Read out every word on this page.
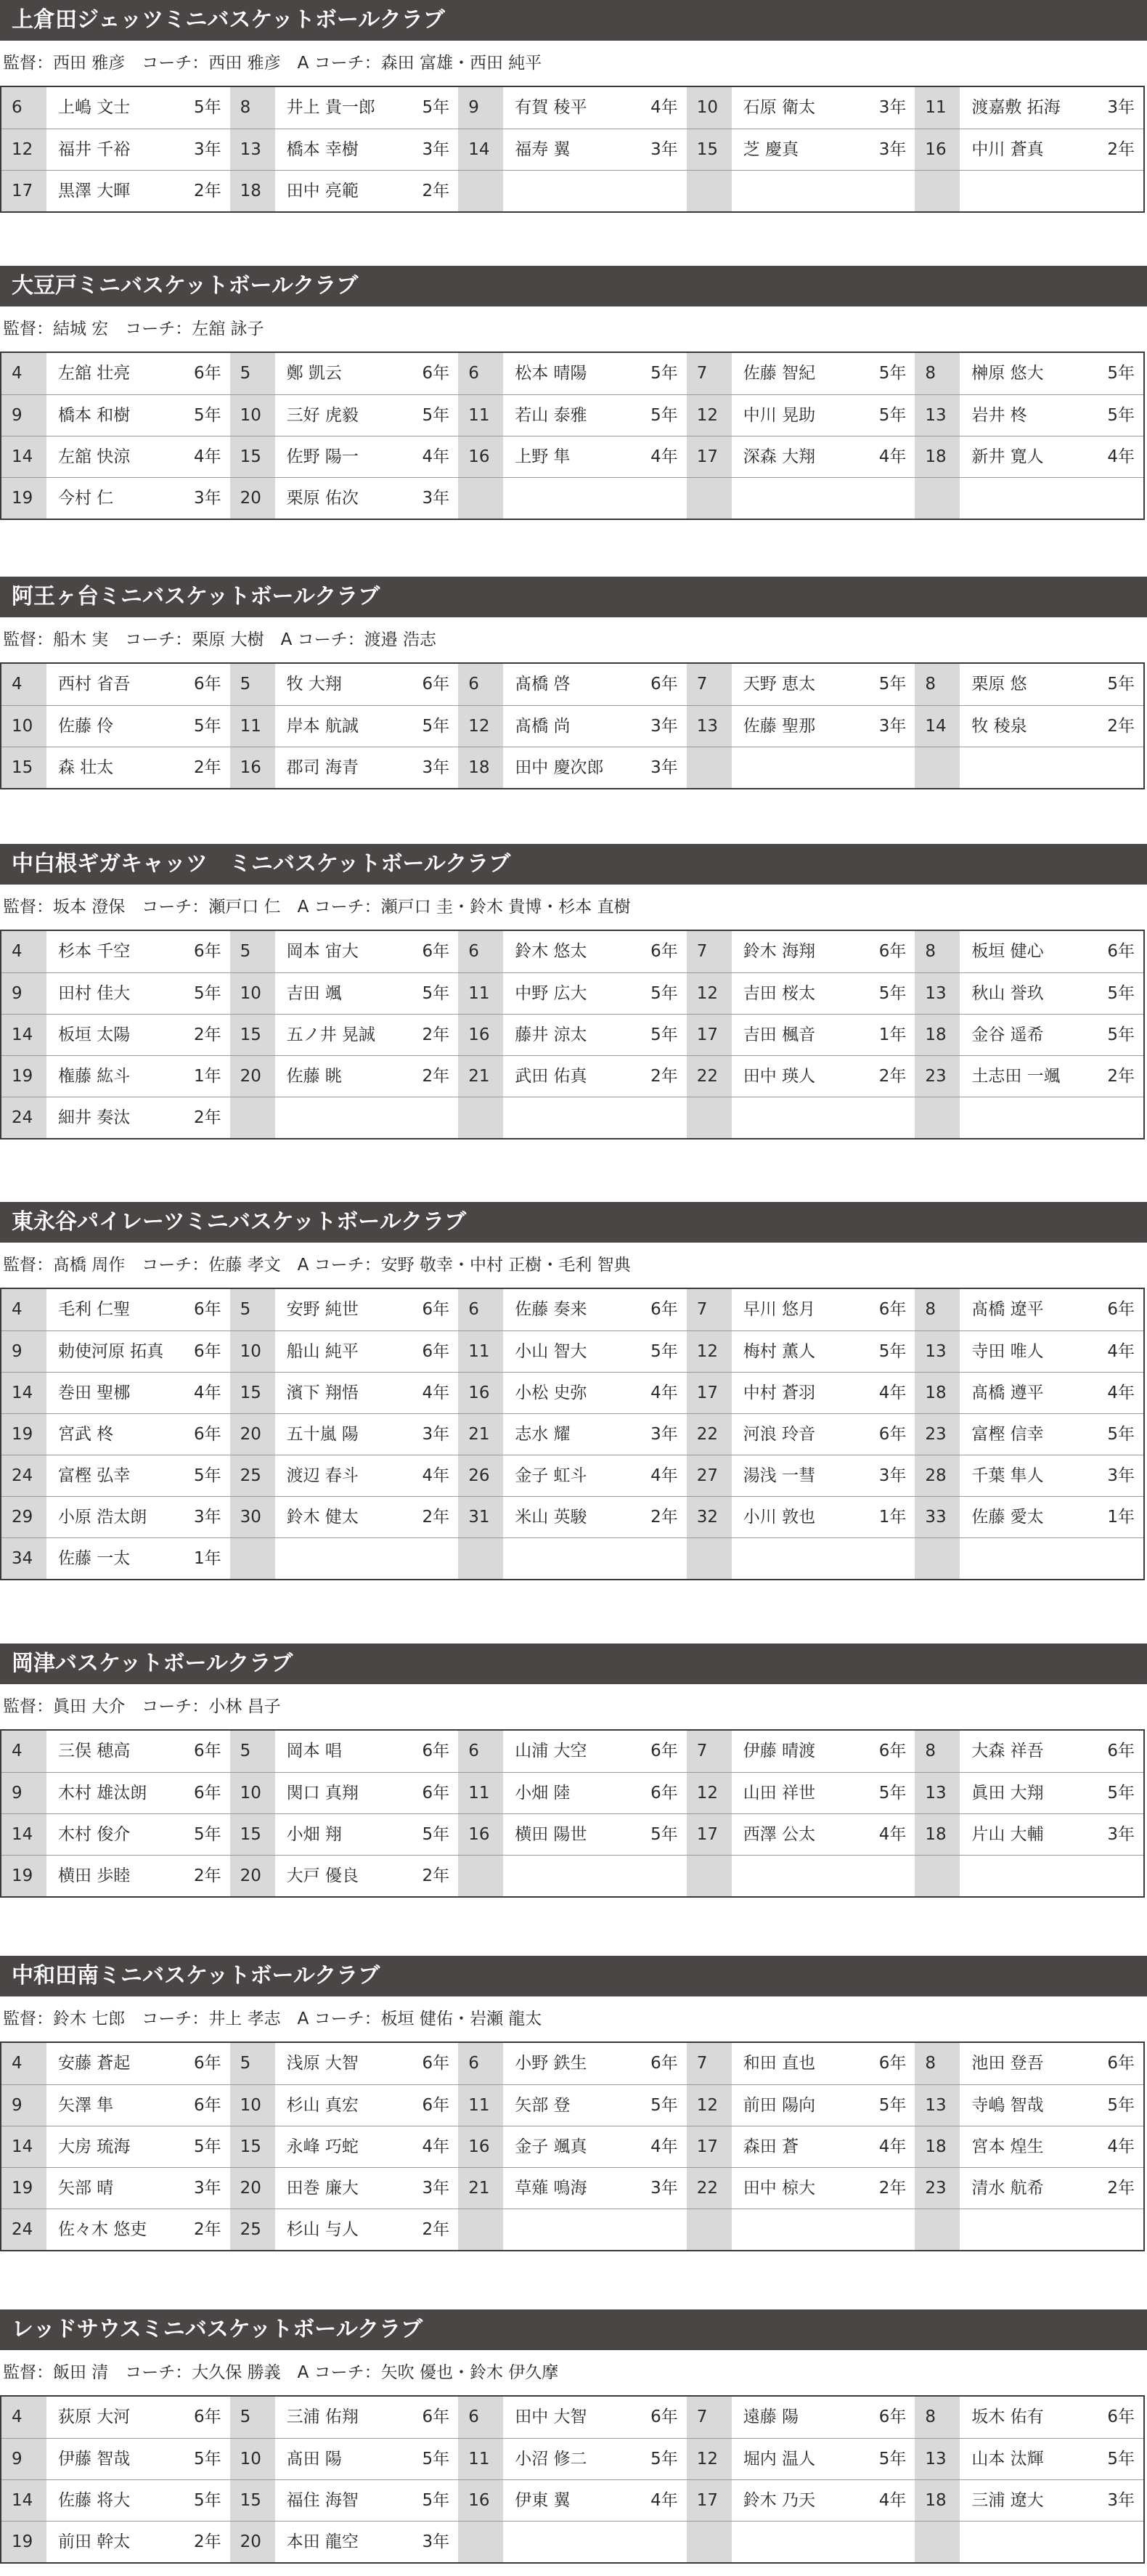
上倉田ジェッツミニバスケットボールクラブ
監督：西田 雅彦　コーチ：西田 雅彦　A コーチ：森田 富雄・西田 純平
6	上嶋 文士	5年	8	井上 貴一郎	5年	9	有賀 稜平	4年	10	石原 衛太	3年	11	渡嘉敷 拓海	3年
12	福井 千裕	3年	13	橋本 幸樹	3年	14	福寿 翼	3年	15	芝 慶真	3年	16	中川 蒼真	2年
17	黒澤 大暉	2年	18	田中 亮範	2年
大豆戸ミニバスケットボールクラブ
監督：結城 宏　コーチ：左舘 詠子
4	左舘 壮亮	6年	5	鄭 凱云	6年	6	松本 晴陽	5年	7	佐藤 智紀	5年	8	榊原 悠大	5年
9	橋本 和樹	5年	10	三好 虎毅	5年	11	若山 泰雅	5年	12	中川 晃助	5年	13	岩井 柊	5年
14	左舘 快涼	4年	15	佐野 陽一	4年	16	上野 隼	4年	17	深森 大翔	4年	18	新井 寛人	4年
19	今村 仁	3年	20	栗原 佑次	3年
阿王ヶ台ミニバスケットボールクラブ
監督：船木 実　コーチ：栗原 大樹　A コーチ：渡邉 浩志
4	西村 省吾	6年	5	牧 大翔	6年	6	髙橋 啓	6年	7	天野 恵太	5年	8	栗原 悠	5年
10	佐藤 伶	5年	11	岸本 航誠	5年	12	髙橋 尚	3年	13	佐藤 聖那	3年	14	牧 稜泉	2年
15	森 壮太	2年	16	郡司 海青	3年	18	田中 慶次郎	3年
中白根ギガキャッツ　ミニバスケットボールクラブ
監督：坂本 澄保　コーチ：瀬戸口 仁　A コーチ：瀬戸口 圭・鈴木 貴博・杉本 直樹
4	杉本 千空	6年	5	岡本 宙大	6年	6	鈴木 悠太	6年	7	鈴木 海翔	6年	8	板垣 健心	6年
9	田村 佳大	5年	10	吉田 颯	5年	11	中野 広大	5年	12	吉田 桜太	5年	13	秋山 誉玖	5年
14	板垣 太陽	2年	15	五ノ井 晃誠	2年	16	藤井 涼太	5年	17	吉田 楓音	1年	18	金谷 遥希	5年
19	権藤 紘斗	1年	20	佐藤 眺	2年	21	武田 佑真	2年	22	田中 瑛人	2年	23	土志田 一颯	2年
24	細井 奏汰	2年
東永谷パイレーツミニバスケットボールクラブ
監督：髙橋 周作　コーチ：佐藤 孝文　A コーチ：安野 敬幸・中村 正樹・毛利 智典
4	毛利 仁聖	6年	5	安野 純世	6年	6	佐藤 奏来	6年	7	早川 悠月	6年	8	髙橋 遼平	6年
9	勅使河原 拓真	6年	10	船山 純平	6年	11	小山 智大	5年	12	梅村 薫人	5年	13	寺田 唯人	4年
14	巻田 聖梛	4年	15	濱下 翔悟	4年	16	小松 史弥	4年	17	中村 蒼羽	4年	18	髙橋 遵平	4年
19	宮武 柊	6年	20	五十嵐 陽	3年	21	志水 耀	3年	22	河浪 玲音	6年	23	富樫 信幸	5年
24	富樫 弘幸	5年	25	渡辺 春斗	4年	26	金子 虹斗	4年	27	湯浅 一彗	3年	28	千葉 隼人	3年
29	小原 浩太朗	3年	30	鈴木 健太	2年	31	米山 英駿	2年	32	小川 敦也	1年	33	佐藤 愛太	1年
34	佐藤 一太	1年
岡津バスケットボールクラブ
監督：眞田 大介　コーチ：小林 昌子
4	三俣 穂高	6年	5	岡本 唱	6年	6	山浦 大空	6年	7	伊藤 晴渡	6年	8	大森 祥吾	6年
9	木村 雄汰朗	6年	10	関口 真翔	6年	11	小畑 陸	6年	12	山田 祥世	5年	13	眞田 大翔	5年
14	木村 俊介	5年	15	小畑 翔	5年	16	横田 陽世	5年	17	西澤 公太	4年	18	片山 大輔	3年
19	横田 歩睦	2年	20	大戸 優良	2年
中和田南ミニバスケットボールクラブ
監督：鈴木 七郎　コーチ：井上 孝志　A コーチ：板垣 健佑・岩瀬 龍太
4	安藤 蒼起	6年	5	浅原 大智	6年	6	小野 鉄生	6年	7	和田 直也	6年	8	池田 登吾	6年
9	矢澤 隼	6年	10	杉山 真宏	6年	11	矢部 登	5年	12	前田 陽向	5年	13	寺嶋 智哉	5年
14	大房 琉海	5年	15	永峰 巧蛇	4年	16	金子 颯真	4年	17	森田 蒼	4年	18	宮本 煌生	4年
19	矢部 晴	3年	20	田巻 廉大	3年	21	草薙 鳴海	3年	22	田中 椋大	2年	23	清水 航希	2年
24	佐々木 悠吏	2年	25	杉山 与人	2年
レッドサウスミニバスケットボールクラブ
監督：飯田 清　コーチ：大久保 勝義　A コーチ：矢吹 優也・鈴木 伊久摩
4	荻原 大河	6年	5	三浦 佑翔	6年	6	田中 大智	6年	7	遠藤 陽	6年	8	坂木 佑有	6年
9	伊藤 智哉	5年	10	髙田 陽	5年	11	小沼 修二	5年	12	堀内 温人	5年	13	山本 汰輝	5年
14	佐藤 将大	5年	15	福住 海智	5年	16	伊東 翼	4年	17	鈴木 乃天	4年	18	三浦 遼大	3年
19	前田 幹太	2年	20	本田 龍空	3年
